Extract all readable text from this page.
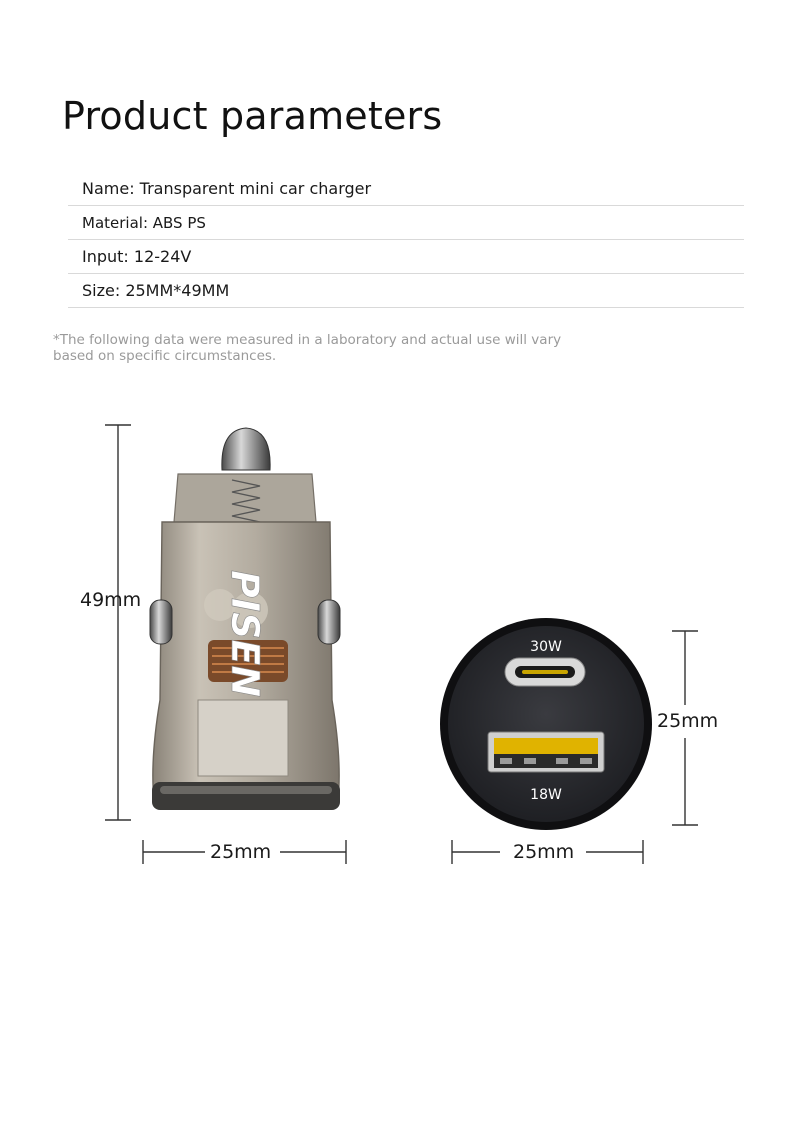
Product parameters
Name: Transparent mini car charger
Material: ABS PS
Input: 12-24V
Size: 25MM*49MM
*The following data were measured in a laboratory and actual use will vary based on specific circumstances.
PISEN	30W
18W
49mm
25mm
25mm
25mm
